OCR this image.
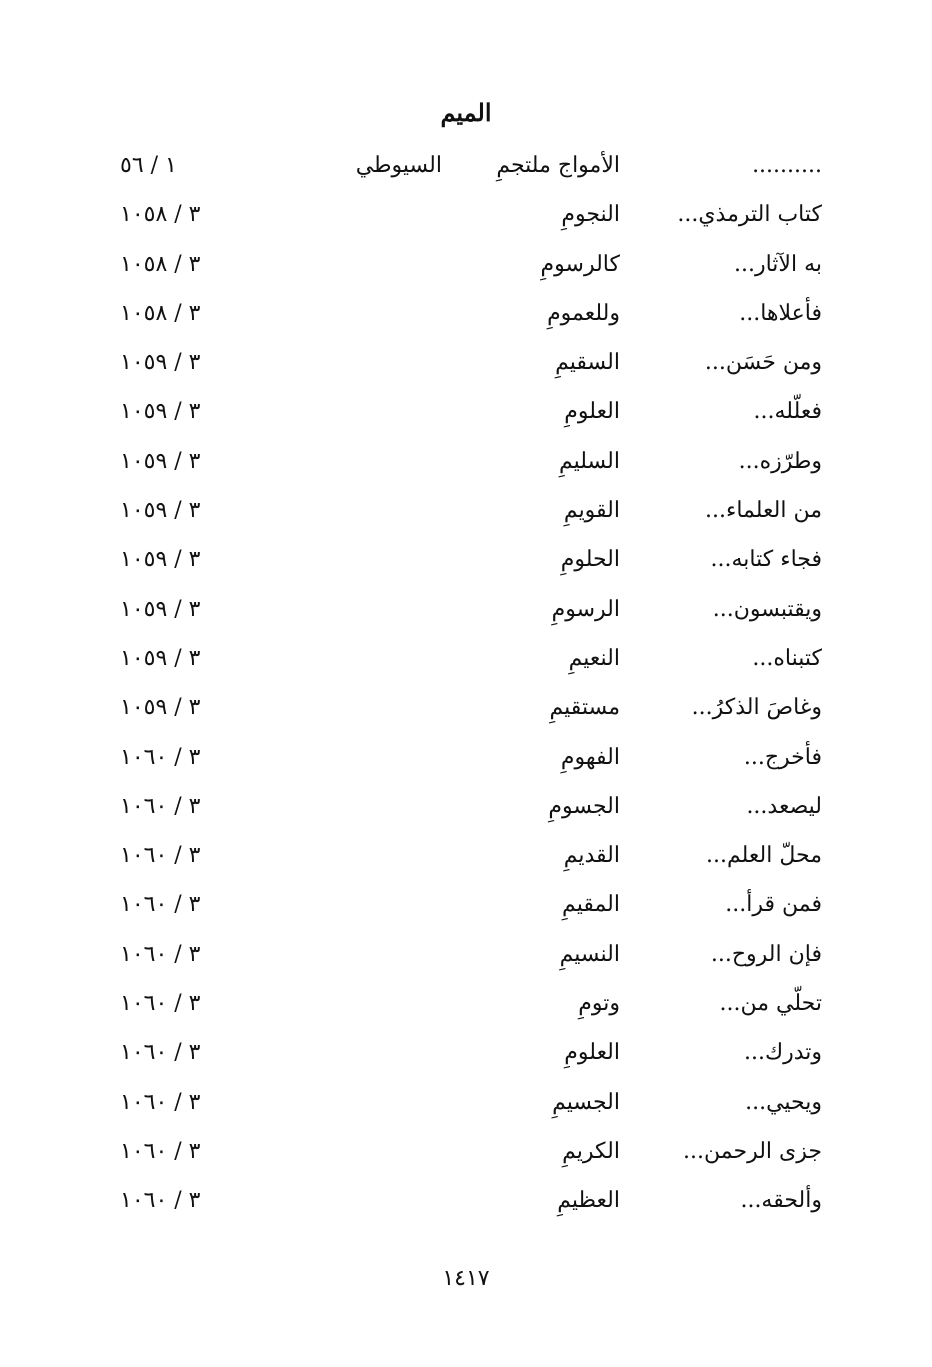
الميم
..........
الأمواج ملتجمِ
السيوطي
١ / ٥٦
كتاب الترمذي...
النجومِ
٣ / ١٠٥٨
به الآثار...
كالرسومِ
٣ / ١٠٥٨
فأعلاها...
وللعمومِ
٣ / ١٠٥٨
ومن حَسَن...
السقيمِ
٣ / ١٠٥٩
فعلّله...
العلومِ
٣ / ١٠٥٩
وطرّزه...
السليمِ
٣ / ١٠٥٩
من العلماء...
القويمِ
٣ / ١٠٥٩
فجاء كتابه...
الحلومِ
٣ / ١٠٥٩
ويقتبسون...
الرسومِ
٣ / ١٠٥٩
كتبناه...
النعيمِ
٣ / ١٠٥٩
وغاصَ الذكرُ...
مستقيمِ
٣ / ١٠٥٩
فأخرج...
الفهومِ
٣ / ١٠٦٠
ليصعد...
الجسومِ
٣ / ١٠٦٠
محلّ العلم...
القديمِ
٣ / ١٠٦٠
فمن قرأ...
المقيمِ
٣ / ١٠٦٠
فإن الروح...
النسيمِ
٣ / ١٠٦٠
تحلّي من...
وتومِ
٣ / ١٠٦٠
وتدرك...
العلومِ
٣ / ١٠٦٠
ويحيي...
الجسيمِ
٣ / ١٠٦٠
جزى الرحمن...
الكريمِ
٣ / ١٠٦٠
وألحقه...
العظيمِ
٣ / ١٠٦٠
١٤١٧
